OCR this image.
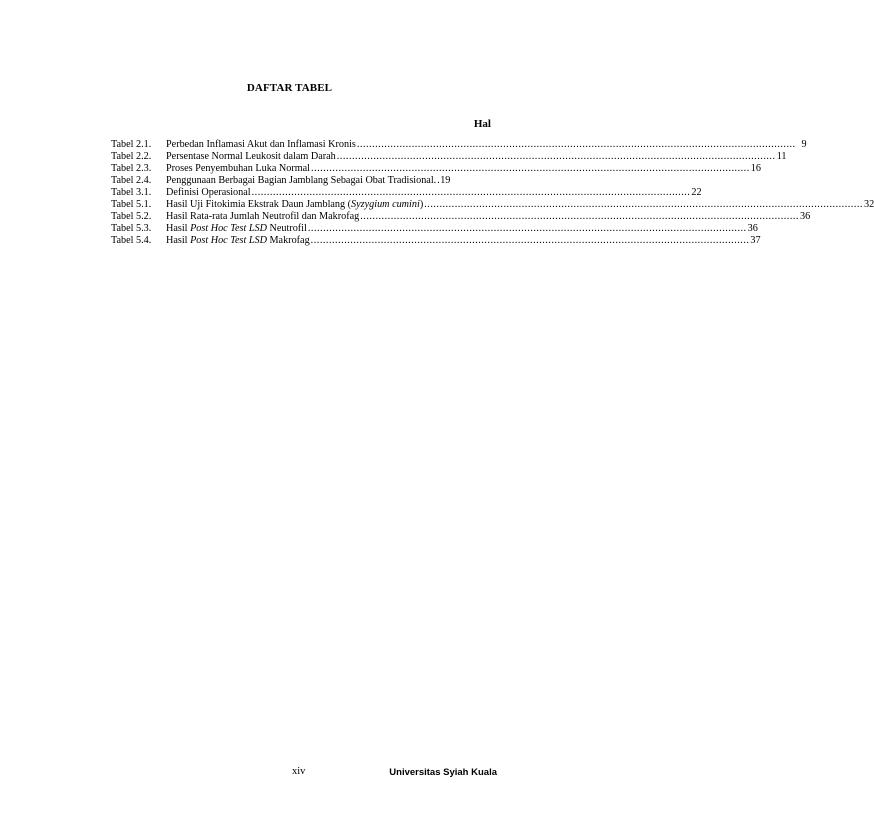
DAFTAR TABEL
Hal
Tabel 2.1.	Perbedan Inflamasi Akut dan Inflamasi Kronis .....	9
Tabel 2.2.	Persentase Normal Leukosit dalam Darah .....	11
Tabel 2.3.	Proses Penyembuhan Luka Normal .....	16
Tabel 2.4.	Penggunaan Berbagai Bagian Jamblang Sebagai Obat Tradisional. ..... 19
Tabel 3.1.	Definisi Operasional .....	22
Tabel 5.1.	Hasil Uji Fitokimia Ekstrak Daun Jamblang (Syzygium cumini) .....	32
Tabel 5.2.	Hasil Rata-rata Jumlah Neutrofil dan Makrofag .....	36
Tabel 5.3.	Hasil Post Hoc Test LSD Neutrofil .....	36
Tabel 5.4.	Hasil Post Hoc Test LSD Makrofag .....	37
xiv	Universitas Syiah Kuala
